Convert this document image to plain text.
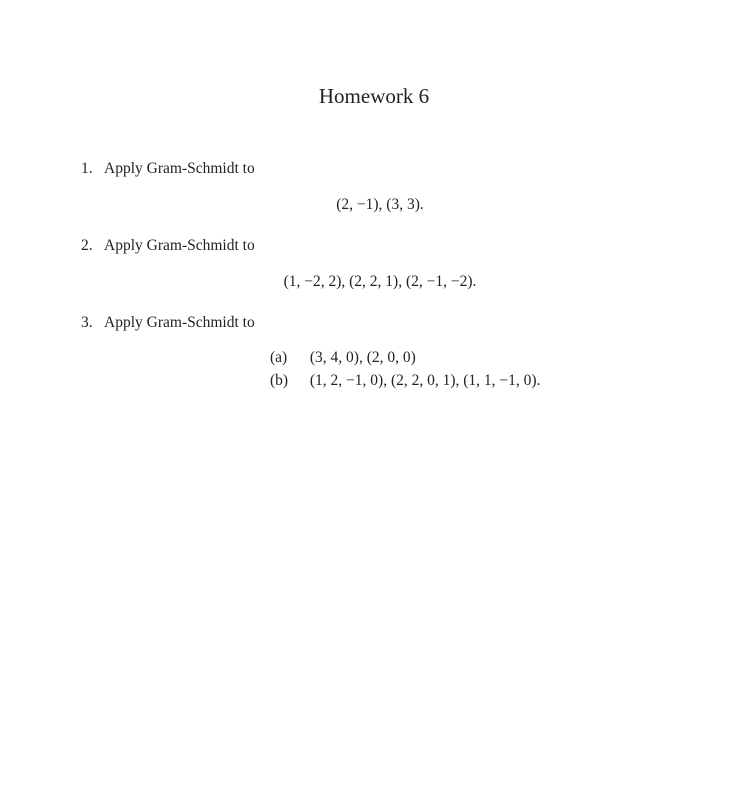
Homework 6
1. Apply Gram-Schmidt to
(2, −1), (3, 3).
2. Apply Gram-Schmidt to
(1, −2, 2), (2, 2, 1), (2, −1, −2).
3. Apply Gram-Schmidt to
(a) (3, 4, 0), (2, 0, 0)
(b) (1, 2, −1, 0), (2, 2, 0, 1), (1, 1, −1, 0).
